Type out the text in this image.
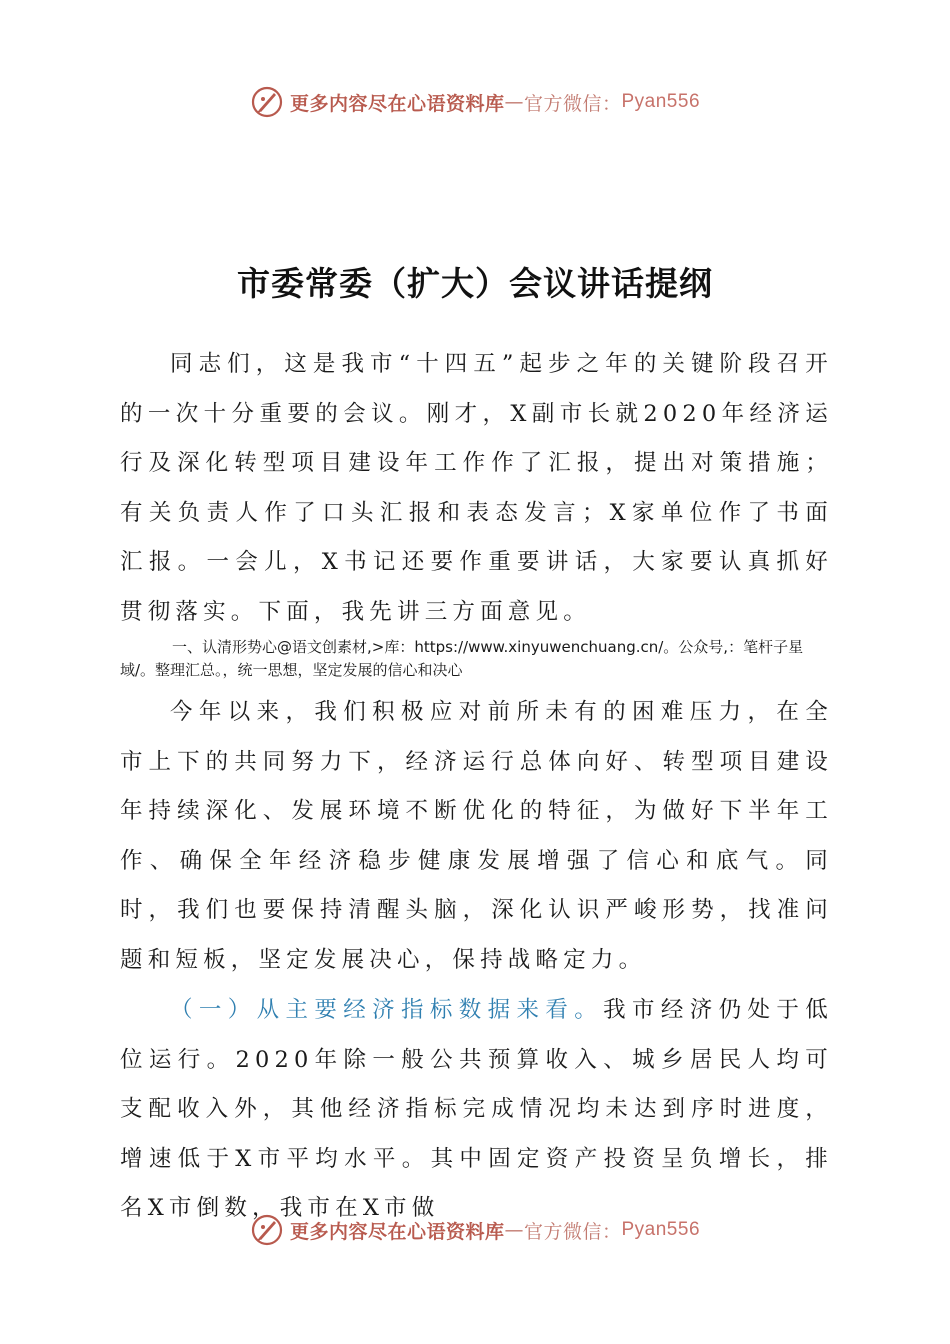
更多内容尽在心语资料库 — 官方微信： Pyan556
市委常委（扩大）会议讲话提纲

同志们，这是我市“十四五”起步之年的关键阶段召开的一次十分重要的会议。刚才，X副市长就2020年经济运行及深化转型项目建设年工作作了汇报，提出对策措施；有关负责人作了口头汇报和表态发言；X家单位作了书面汇报。一会儿，X书记还要作重要讲话，大家要认真抓好贯彻落实。下面，我先讲三方面意见。

一、认清形势心@语文创素材,>库：https://www.xinyuwenchuang.cn/。公众号,：笔杆子星域/。整理汇总。，统一思想，坚定发展的信心和决心

今年以来，我们积极应对前所未有的困难压力，在全市上下的共同努力下，经济运行总体向好、转型项目建设年持续深化、发展环境不断优化的特征，为做好下半年工作、确保全年经济稳步健康发展增强了信心和底气。同时，我们也要保持清醒头脑，深化认识严峻形势，找准问题和短板，坚定发展决心，保持战略定力。

（一）从主要经济指标数据来看。我市经济仍处于低位运行。2020年除一般公共预算收入、城乡居民人均可支配收入外，其他经济指标完成情况均未达到序时进度，增速低于X市平均水平。其中固定资产投资呈负增长，排名X市倒数，我市在X市做

更多内容尽在心语资料库 — 官方微信： Pyan556
